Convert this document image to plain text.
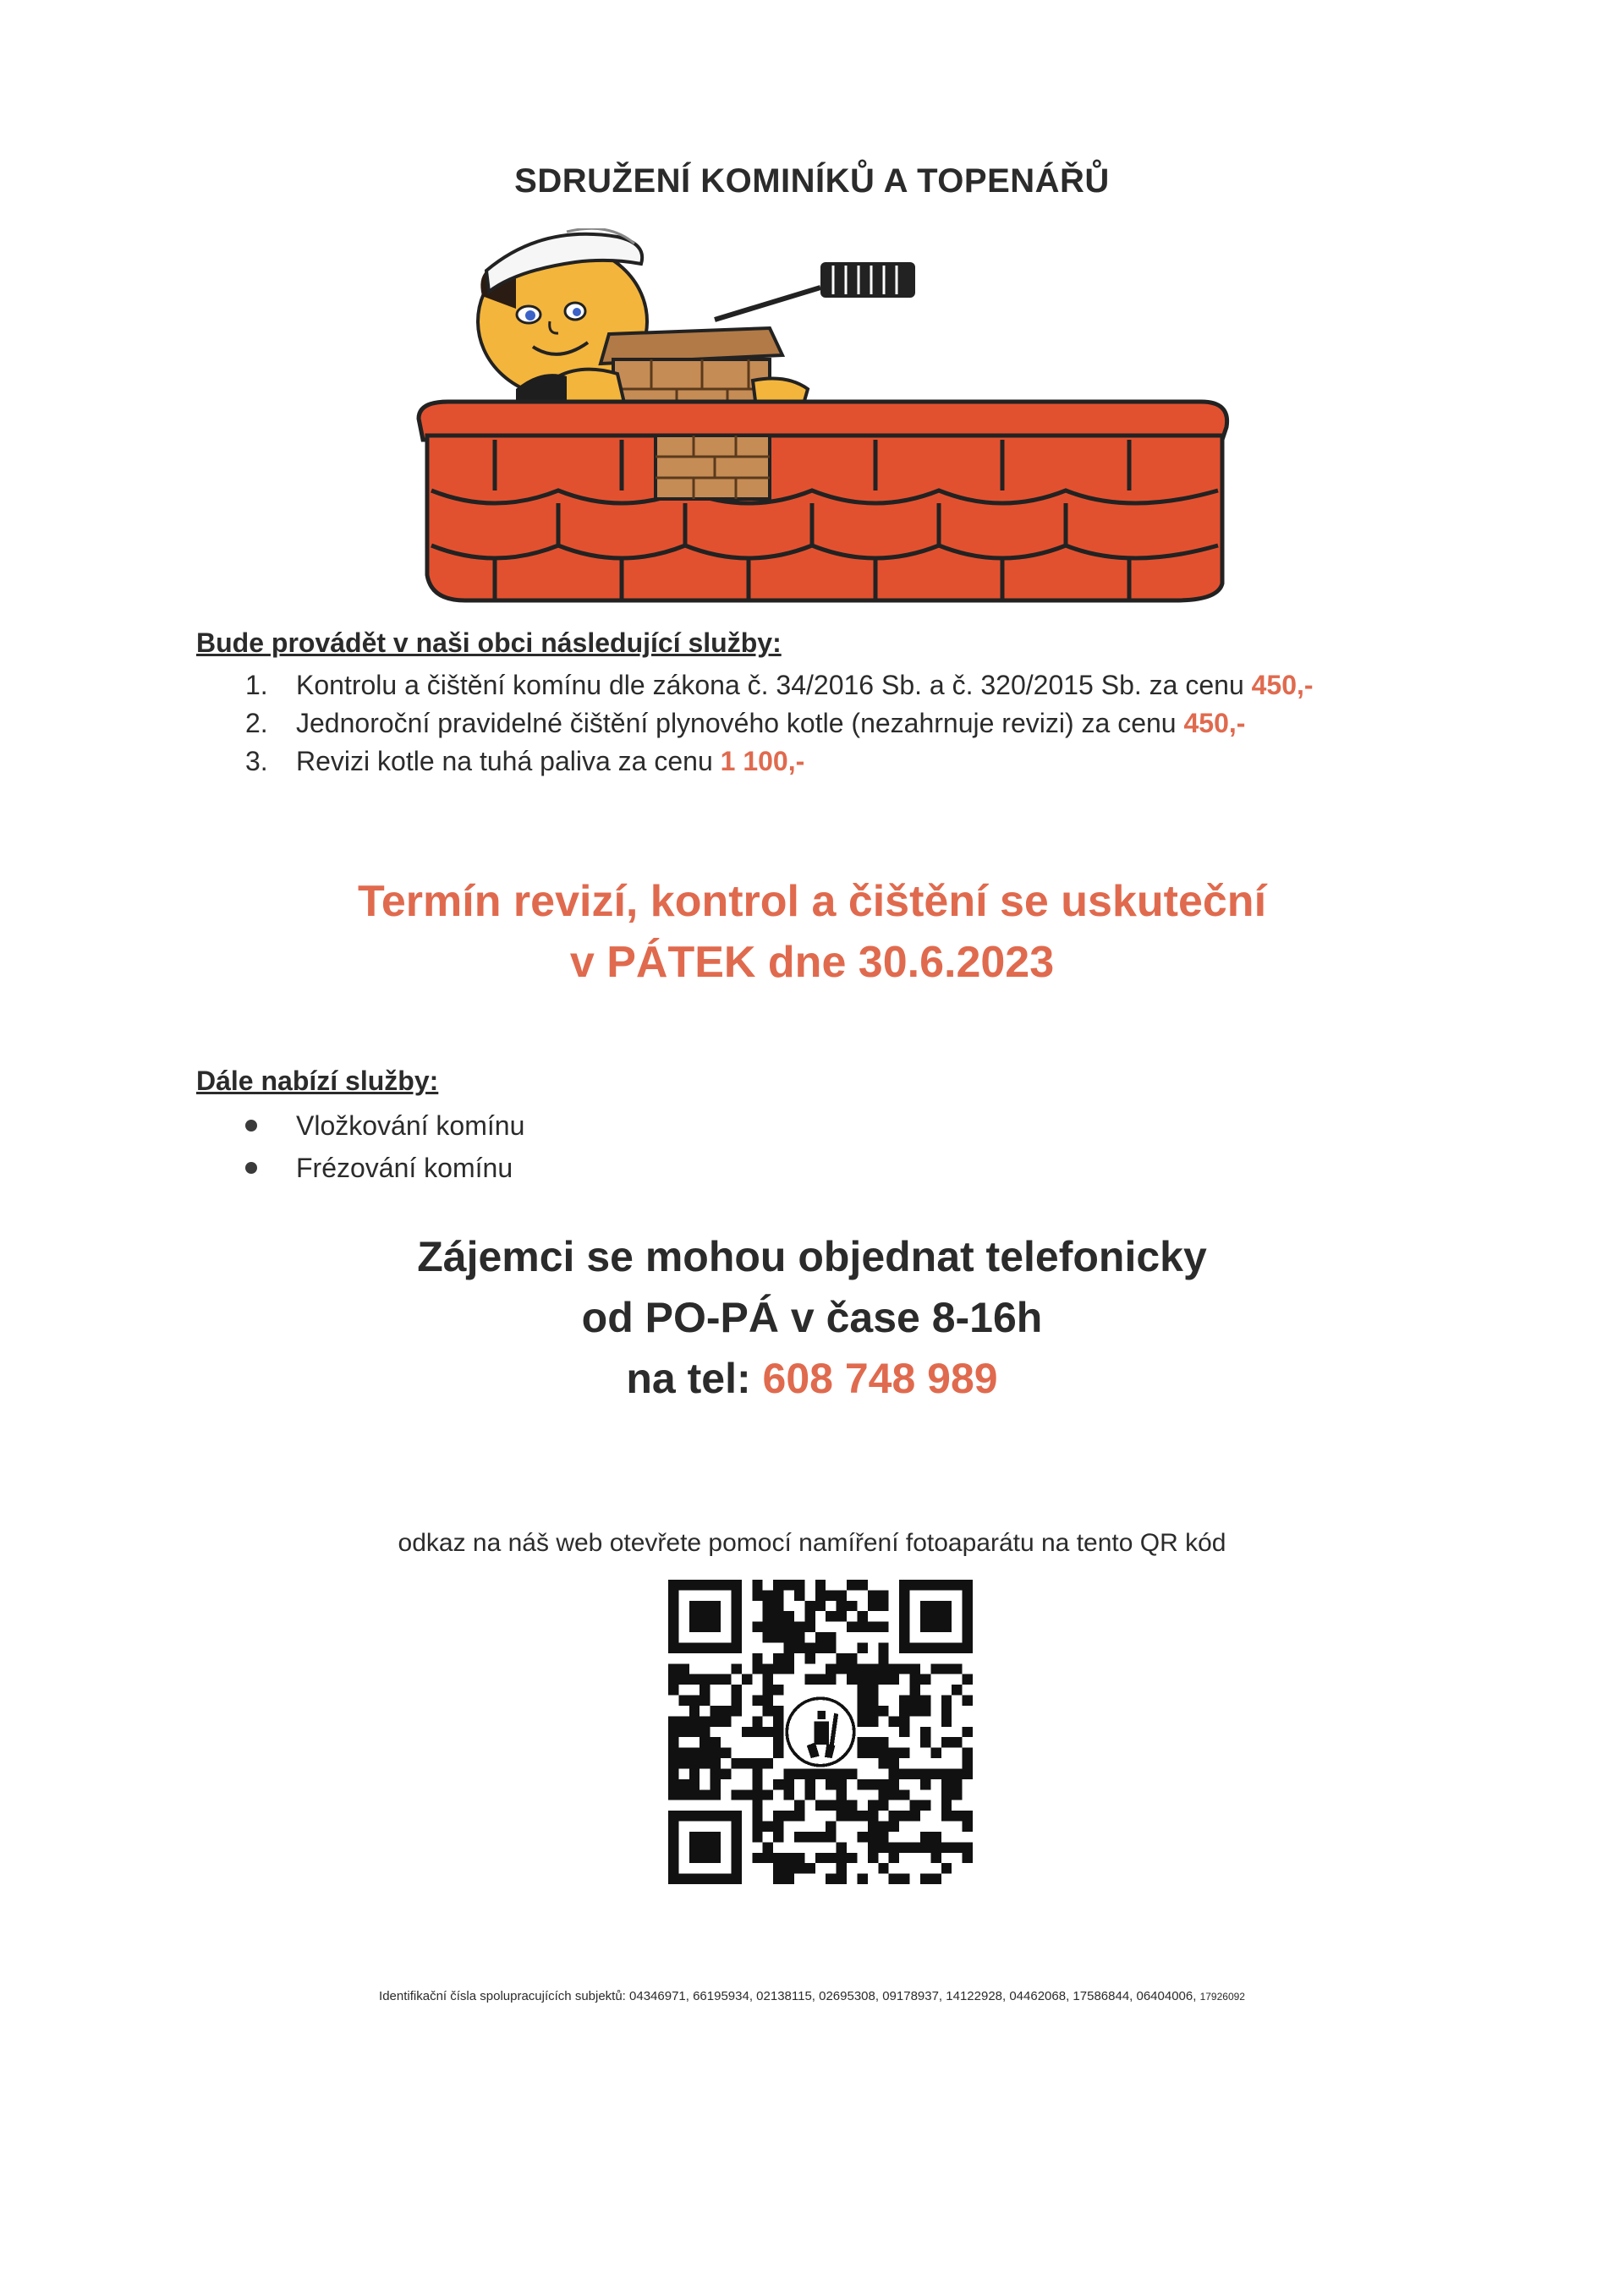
SDRUŽENÍ KOMINÍKŮ A TOPENÁŘŮ
Bude provádět v naši obci následující služby:
1. Kontrolu a čištění komínu dle zákona č. 34/2016 Sb. a č. 320/2015 Sb. za cenu 450,-
2. Jednoroční pravidelné čištění plynového kotle (nezahrnuje revizi) za cenu 450,-
3. Revizi kotle na tuhá paliva za cenu 1 100,-
Termín revizí, kontrol a čištění se uskuteční
v PÁTEK dne 30.6.2023
Dále nabízí služby:
Vložkování komínu
Frézování komínu
Zájemci se mohou objednat telefonicky
od PO-PÁ v čase 8-16h
na tel: 608 748 989
odkaz na náš web otevřete pomocí namíření fotoaparátu na tento QR kód
Identifikační čísla spolupracujících subjektů: 04346971, 66195934, 02138115, 02695308, 09178937, 14122928, 04462068, 17586844, 06404006, 17926092
